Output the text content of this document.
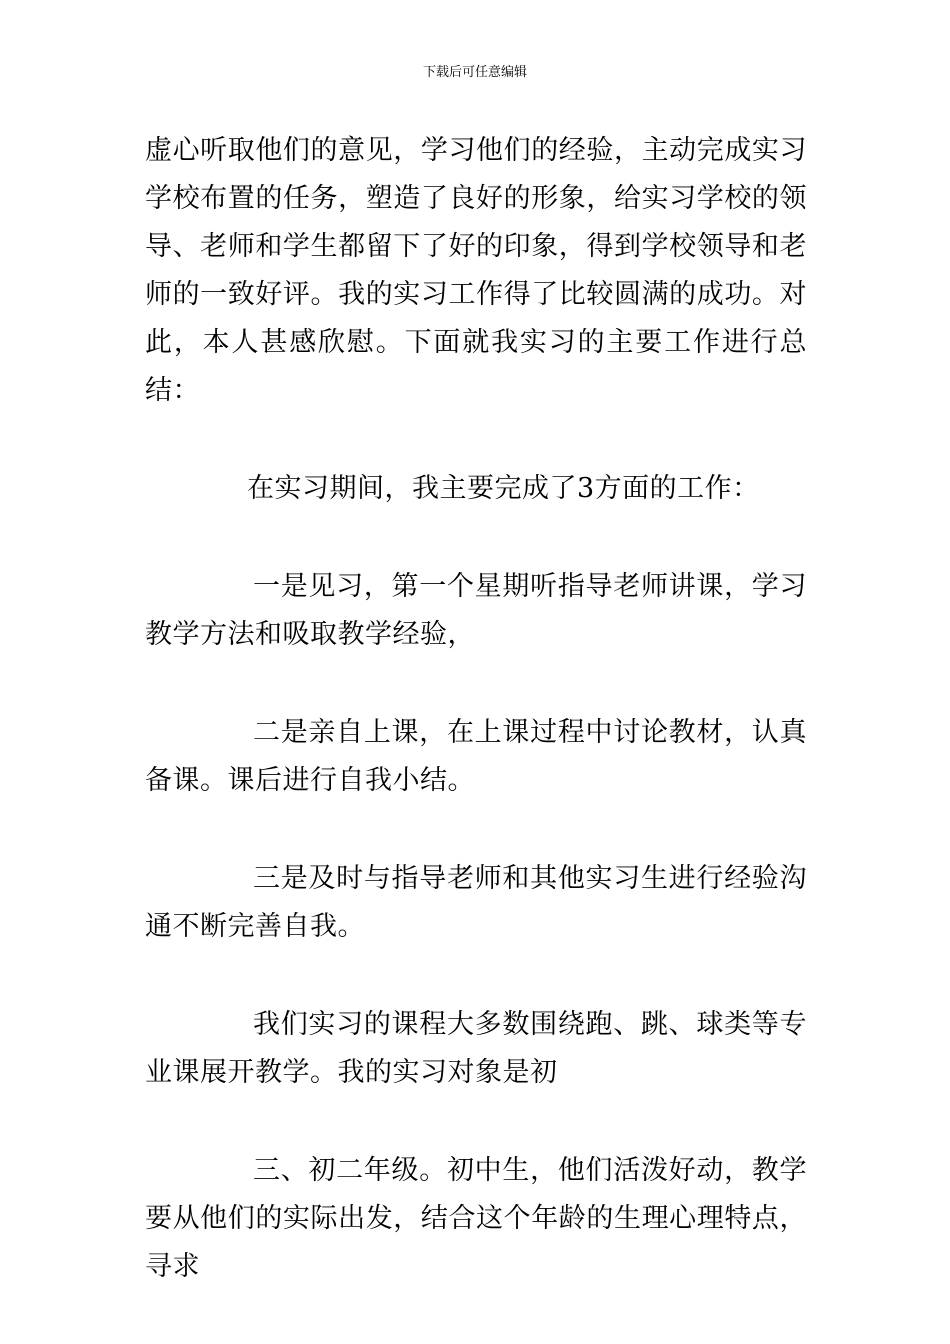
下载后可任意编辑

虚心听取他们的意见，学习他们的经验，主动完成实习学校布置的任务，塑造了良好的形象，给实习学校的领导、老师和学生都留下了好的印象，得到学校领导和老师的一致好评。我的实习工作得了比较圆满的成功。对此，本人甚感欣慰。下面就我实习的主要工作进行总结：

在实习期间，我主要完成了3方面的工作：

一是见习，第一个星期听指导老师讲课，学习教学方法和吸取教学经验，

二是亲自上课，在上课过程中讨论教材，认真备课。课后进行自我小结。

三是及时与指导老师和其他实习生进行经验沟通不断完善自我。

我们实习的课程大多数围绕跑、跳、球类等专业课展开教学。我的实习对象是初

三、初二年级。初中生，他们活泼好动，教学要从他们的实际出发，结合这个年龄的生理心理特点，寻求
